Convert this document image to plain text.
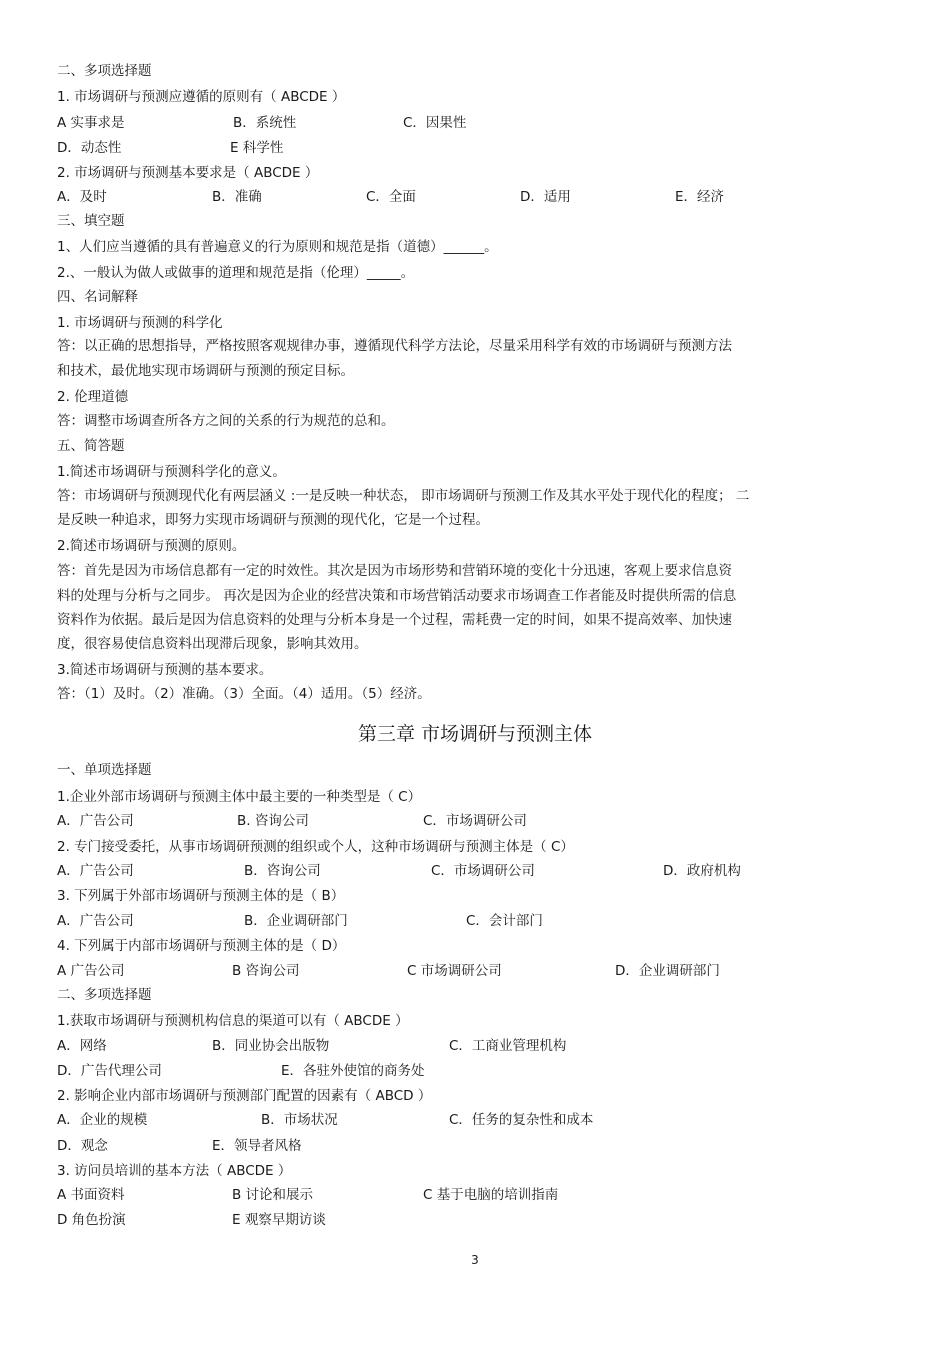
二、多项选择题
1. 市场调研与预测应遵循的原则有（ ABCDE ）
A 实事求是	B．系统性	C．因果性
D．动态性	E 科学性
2. 市场调研与预测基本要求是（ ABCDE ）
A．及时	B．准确	C．全面	D．适用	E．经济
三、填空题
1、人们应当遵循的具有普遍意义的行为原则和规范是指（道德）______。
2.、一般认为做人或做事的道理和规范是指（伦理）_____。
四、名词解释
1. 市场调研与预测的科学化
答：以正确的思想指导，严格按照客观规律办事，遵循现代科学方法论，尽量采用科学有效的市场调研与预测方法
和技术，最优地实现市场调研与预测的预定目标。
2. 伦理道德
答：调整市场调查所各方之间的关系的行为规范的总和。
五、简答题
1.简述市场调研与预测科学化的意义。
答：市场调研与预测现代化有两层涵义 :一是反映一种状态， 即市场调研与预测工作及其水平处于现代化的程度； 二
是反映一种追求，即努力实现市场调研与预测的现代化，它是一个过程。
2.简述市场调研与预测的原则。
答：首先是因为市场信息都有一定的时效性。其次是因为市场形势和营销环境的变化十分迅速，客观上要求信息资
料的处理与分析与之同步。 再次是因为企业的经营决策和市场营销活动要求市场调查工作者能及时提供所需的信息
资料作为依据。最后是因为信息资料的处理与分析本身是一个过程，需耗费一定的时间，如果不提高效率、加快速
度，很容易使信息资料出现滞后现象，影响其效用。
3.简述市场调研与预测的基本要求。
答：（1）及时。（2）准确。（3）全面。（4）适用。（5）经济。
第三章 市场调研与预测主体
一、单项选择题
1.企业外部市场调研与预测主体中最主要的一种类型是（ C）
A．广告公司	B. 咨询公司	C．市场调研公司
2. 专门接受委托，从事市场调研预测的组织或个人，这种市场调研与预测主体是（ C）
A．广告公司	B．咨询公司	C．市场调研公司	D．政府机构
3. 下列属于外部市场调研与预测主体的是（ B）
A．广告公司	B．企业调研部门	C．会计部门
4. 下列属于内部市场调研与预测主体的是（ D）
A 广告公司	B 咨询公司	C 市场调研公司	D．企业调研部门
二、多项选择题
1.获取市场调研与预测机构信息的渠道可以有（ ABCDE ）
A．网络	B．同业协会出版物	C．工商业管理机构
D．广告代理公司	E．各驻外使馆的商务处
2. 影响企业内部市场调研与预测部门配置的因素有（ ABCD ）
A．企业的规模	B．市场状况	C．任务的复杂性和成本
D．观念	E．领导者风格
3. 访问员培训的基本方法（ ABCDE ）
A 书面资料	B 讨论和展示	C 基于电脑的培训指南
D 角色扮演	E 观察早期访谈
3
